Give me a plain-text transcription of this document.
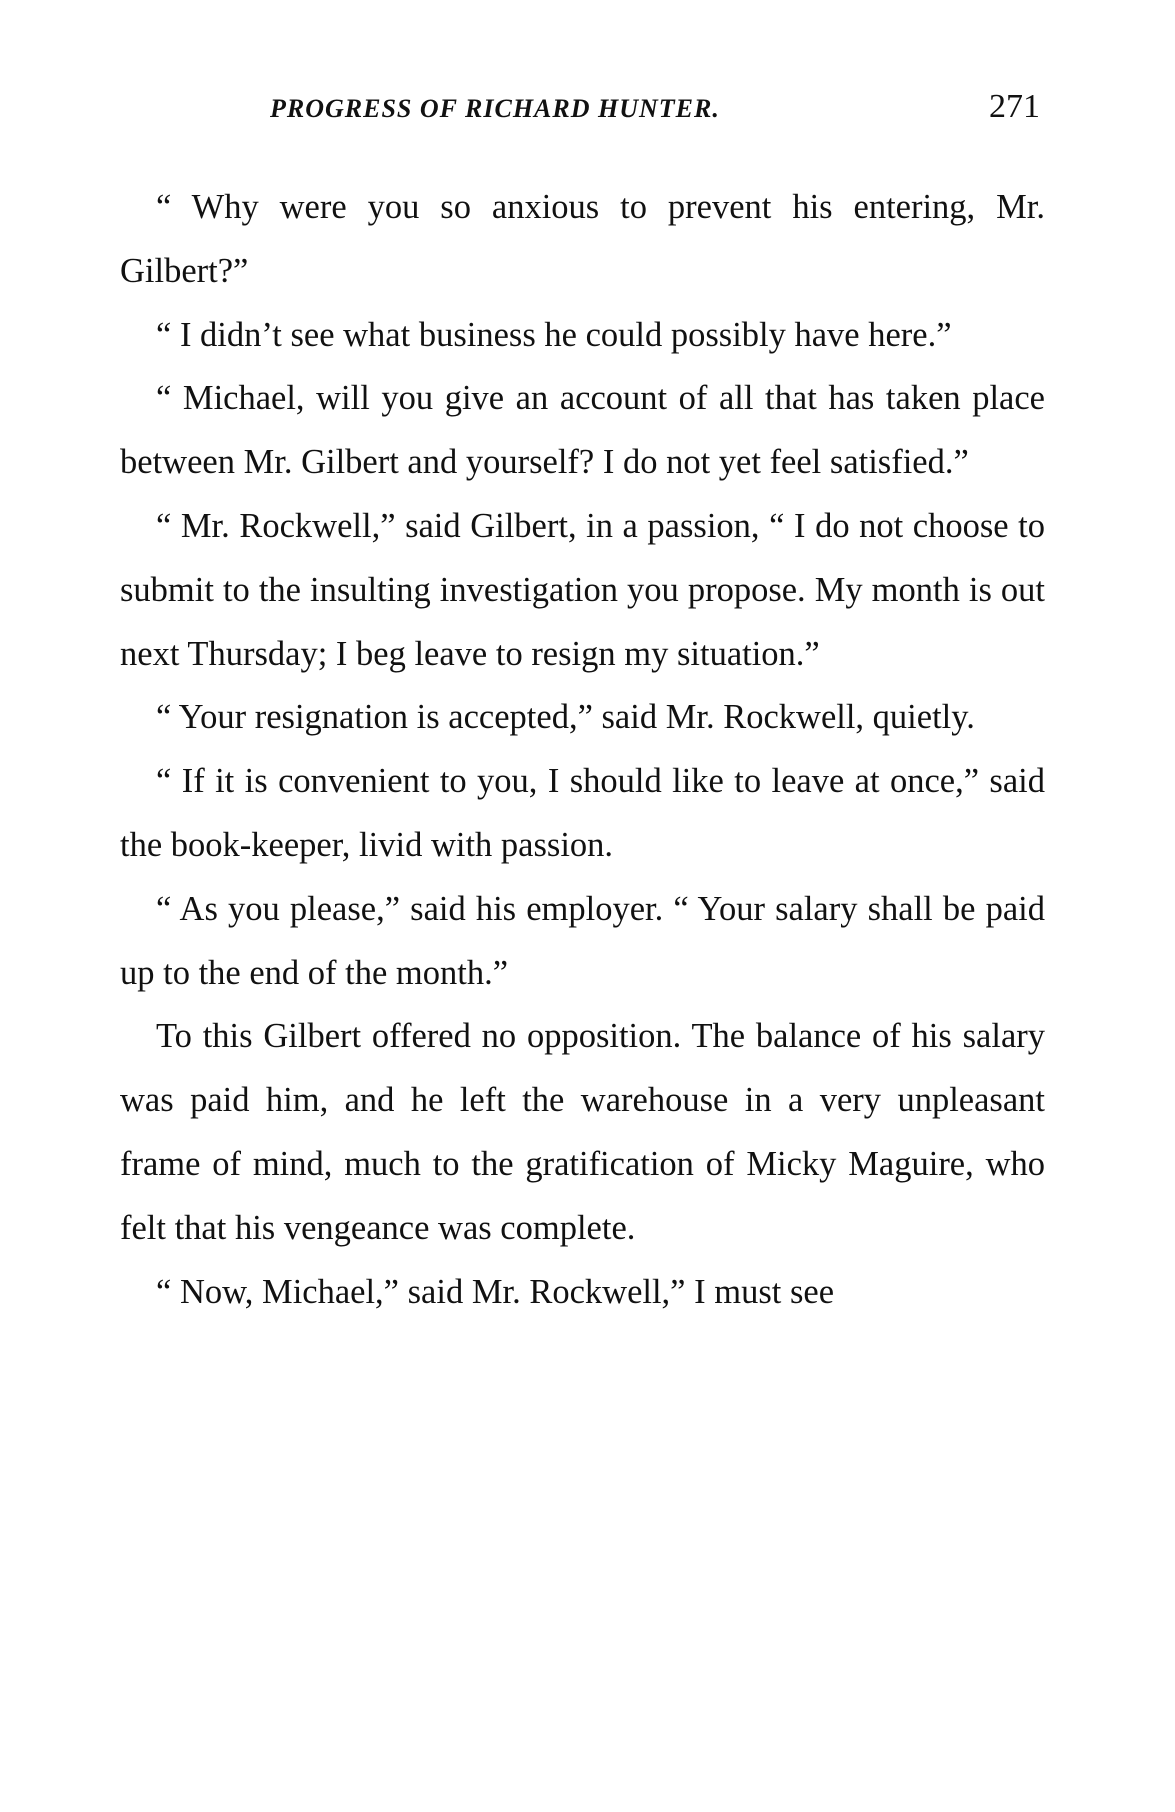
PROGRESS OF RICHARD HUNTER.	271

“ Why were you so anxious to prevent his entering, Mr. Gilbert?”

“ I didn’t see what business he could possibly have here.”

“ Michael, will you give an account of all that has taken place between Mr. Gilbert and yourself? I do not yet feel satisfied.”

“ Mr. Rockwell,” said Gilbert, in a passion, “ I do not choose to submit to the insulting investigation you propose. My month is out next Thursday; I beg leave to resign my situation.”

“ Your resignation is accepted,” said Mr. Rockwell, quietly.

“ If it is convenient to you, I should like to leave at once,” said the book-keeper, livid with passion.

“ As you please,” said his employer. “ Your salary shall be paid up to the end of the month.”

To this Gilbert offered no opposition. The balance of his salary was paid him, and he left the warehouse in a very unpleasant frame of mind, much to the gratification of Micky Maguire, who felt that his vengeance was complete.

“ Now, Michael,” said Mr. Rockwell,” I must see
